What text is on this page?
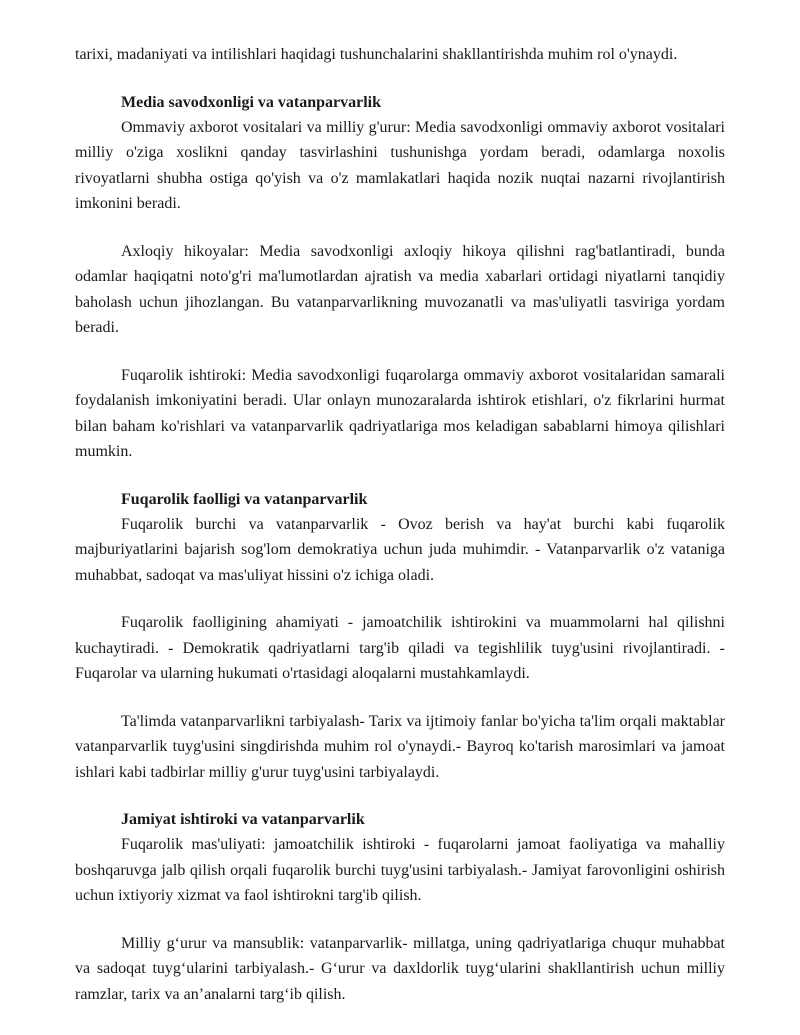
tarixi, madaniyati va intilishlari haqidagi tushunchalarini shakllantirishda muhim rol o'ynaydi.

Media savodxonligi va vatanparvarlik

Ommaviy axborot vositalari va milliy g'urur: Media savodxonligi ommaviy axborot vositalari milliy o'ziga xoslikni qanday tasvirlashini tushunishga yordam beradi, odamlarga noxolis rivoyatlarni shubha ostiga qo'yish va o'z mamlakatlari haqida nozik nuqtai nazarni rivojlantirish imkonini beradi.

Axloqiy hikoyalar: Media savodxonligi axloqiy hikoya qilishni rag'batlantiradi, bunda odamlar haqiqatni noto'g'ri ma'lumotlardan ajratish va media xabarlari ortidagi niyatlarni tanqidiy baholash uchun jihozlangan. Bu vatanparvarlikning muvozanatli va mas'uliyatli tasviriga yordam beradi.

Fuqarolik ishtiroki: Media savodxonligi fuqarolarga ommaviy axborot vositalaridan samarali foydalanish imkoniyatini beradi. Ular onlayn munozaralarda ishtirok etishlari, o'z fikrlarini hurmat bilan baham ko'rishlari va vatanparvarlik qadriyatlariga mos keladigan sabablarni himoya qilishlari mumkin.

Fuqarolik faolligi va vatanparvarlik

Fuqarolik burchi va vatanparvarlik - Ovoz berish va hay'at burchi kabi fuqarolik majburiyatlarini bajarish sog'lom demokratiya uchun juda muhimdir. - Vatanparvarlik o'z vataniga muhabbat, sadoqat va mas'uliyat hissini o'z ichiga oladi.

Fuqarolik faolligining ahamiyati - jamoatchilik ishtirokini va muammolarni hal qilishni kuchaytiradi. - Demokratik qadriyatlarni targ'ib qiladi va tegishlilik tuyg'usini rivojlantiradi. - Fuqarolar va ularning hukumati o'rtasidagi aloqalarni mustahkamlaydi.

Ta'limda vatanparvarlikni tarbiyalash- Tarix va ijtimoiy fanlar bo'yicha ta'lim orqali maktablar vatanparvarlik tuyg'usini singdirishda muhim rol o'ynaydi.- Bayroq ko'tarish marosimlari va jamoat ishlari kabi tadbirlar milliy g'urur tuyg'usini tarbiyalaydi.

Jamiyat ishtiroki va vatanparvarlik

Fuqarolik mas'uliyati: jamoatchilik ishtiroki - fuqarolarni jamoat faoliyatiga va mahalliy boshqaruvga jalb qilish orqali fuqarolik burchi tuyg'usini tarbiyalash.- Jamiyat farovonligini oshirish uchun ixtiyoriy xizmat va faol ishtirokni targ'ib qilish.

Milliy g‘urur va mansublik: vatanparvarlik- millatga, uning qadriyatlariga chuqur muhabbat va sadoqat tuyg‘ularini tarbiyalash.- G‘urur va daxldorlik tuyg‘ularini shakllantirish uchun milliy ramzlar, tarix va an’analarni targ‘ib qilish.
